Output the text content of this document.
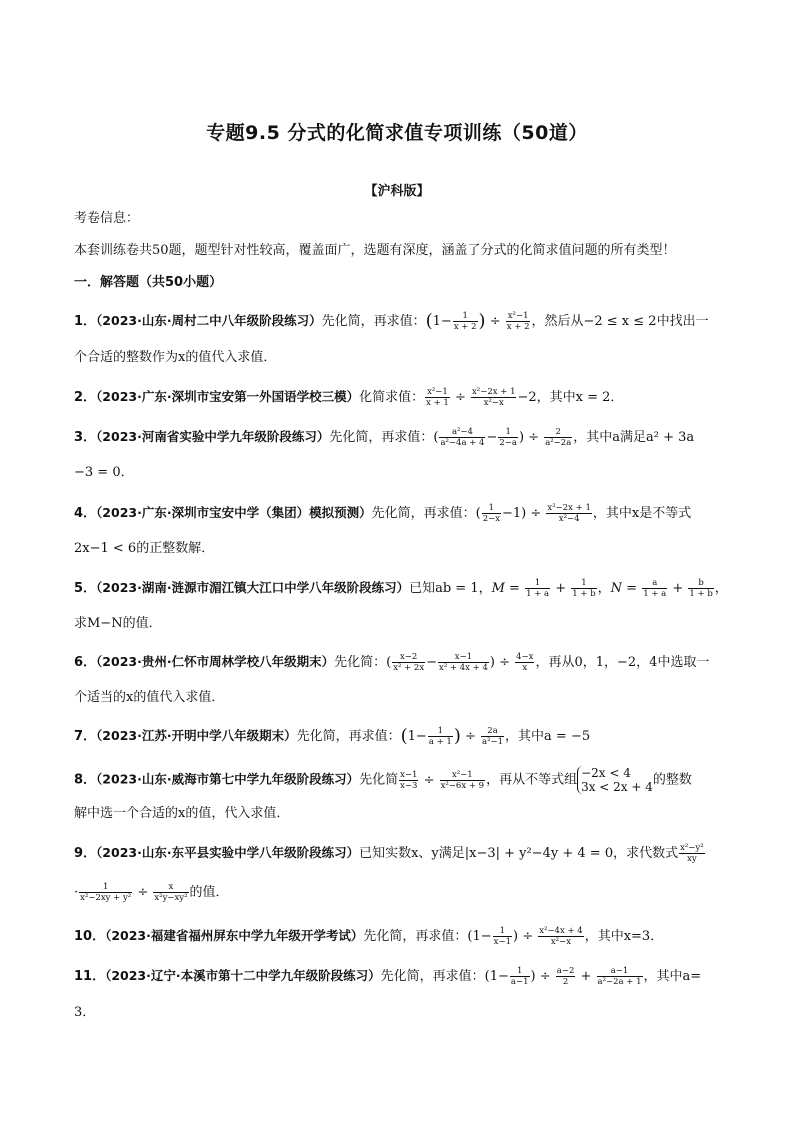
专题9.5 分式的化简求值专项训练（50道）
【沪科版】
考卷信息：
本套训练卷共50题，题型针对性较高，覆盖面广，选题有深度，涵盖了分式的化简求值问题的所有类型！
一．解答题（共50小题）
1．（2023·山东·周村二中八年级阶段练习）先化简，再求值：($1- \frac{1}{x + 2}$ ) ÷ $\frac{\text{x²−1}}{x + 2}$ ，然后从−2 ≤ x ≤ 2中找出一
个合适的整数作为x的值代入求值．
2．（2023·广东·深圳市宝安第一外国语学校三模）化简求值： $\frac{\text{x²−1}}{x + 1} \div \frac{\text{x²−2x + 1}}{\text{x²−x}} -2$，其中x = 2．
3．（2023·河南省实验中学九年级阶段练习）先化简，再求值：( $\frac{\text{a²−4}}{\text{a²−4a + 4}} - \frac{1}{2-a}$ ) ÷ $\frac{2}{\text{a²−2a}}$ ，其中a满足a² + 3a
−3 = 0．
4．（2023·广东·深圳市宝安中学（集团）模拟预测）先化简，再求值：( $\frac{1}{2-x} -1) \div \frac{\text{x²−2x + 1}}{\text{x²−4}}$ ，其中x是不等式
2x−1 < 6的正整数解．
5．（2023·湖南·涟源市湄江镇大江口中学八年级阶段练习）已知ab = 1，$M = \frac{1}{1 + a} + \frac{1}{1 + b}$ ，$N = \frac{a}{1 + a} + \frac{b}{1 + b}$ ，
求M−N的值．
6．（2023·贵州·仁怀市周林学校八年级期末）先化简：( $\frac{x-2}{\text{x² + 2x}} - \frac{x-1}{\text{x² + 4x + 4}}$ ) ÷ $\frac{4-x}{x}$ ，再从0，1，−2，4中选取一
个适当的x的值代入求值．
7．（2023·江苏·开明中学八年级期末）先化简，再求值：($1- \frac{1}{a + 1}$ ) ÷ $\frac{2a}{\text{a²−1}}$ ，其中a = −5
8．（2023·山东·威海市第七中学九年级阶段练习）先化简 $\frac{x-1}{x-3} \div \frac{\text{x²−1}}{\text{x²−6x + 9}}$ ，再从不等式组 −2x < 4
3x < 2x + 4的整数
解中选一个合适的x的值，代入求值．
9．（2023·山东·东平县实验中学八年级阶段练习）已知实数x、y满足|x−3| + y²−4y + 4 = 0，求代数式 $\frac{\text{x²−y²}}{xy}$
· $\frac{1}{\text{x²−2xy + y²}} \div \frac{x}{\text{x²y−xy²}}$ 的值．
10．（2023·福建省福州屏东中学九年级开学考试）先化简，再求值：($1- \frac{1}{x-1}$ ) ÷ $\frac{\text{x²−4x + 4}}{\text{x²−x}}$ ，其中x=3．
11．（2023·辽宁·本溪市第十二中学九年级阶段练习）先化简，再求值：($1- \frac{1}{a-1}$ ) ÷ $\frac{a-2}{2} + \frac{a-1}{\text{a²−2a + 1}}$ ，其中a=
3．
